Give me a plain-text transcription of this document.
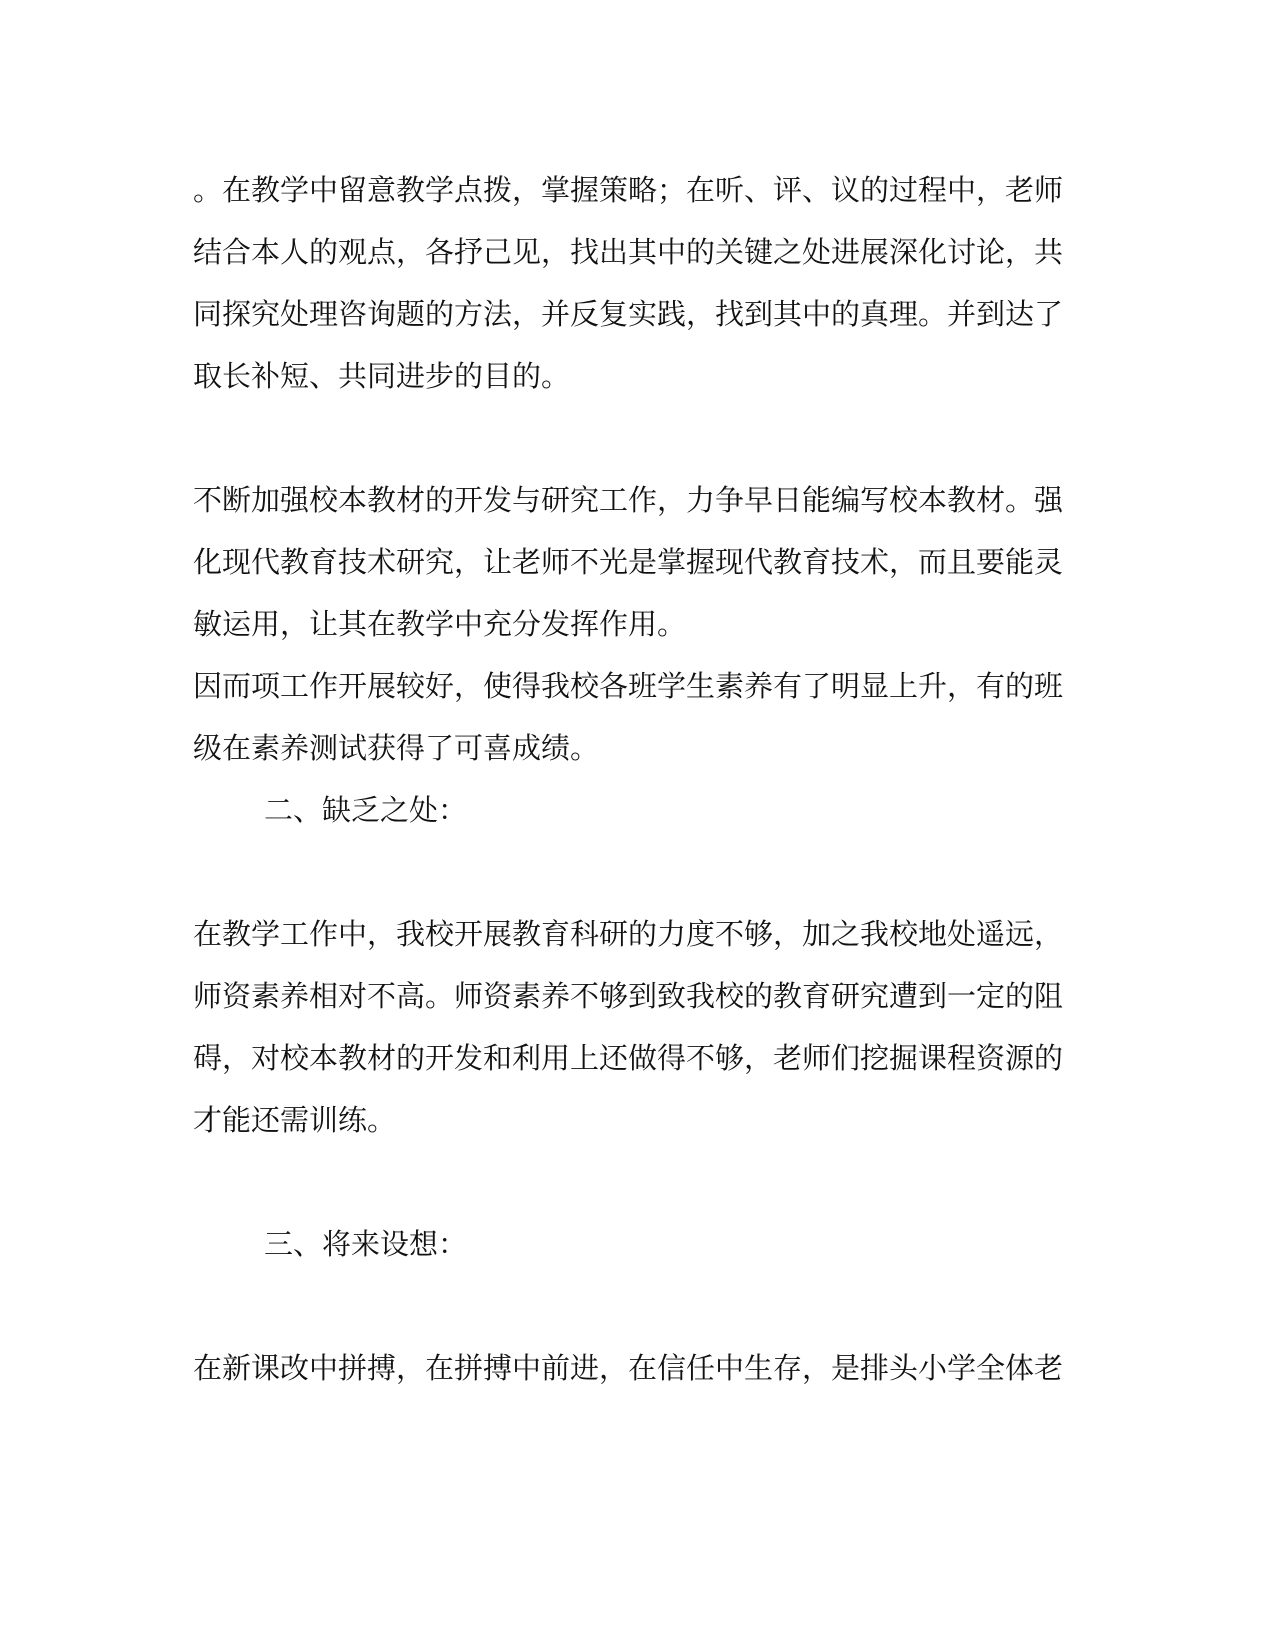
。在教学中留意教学点拨，掌握策略；在听、评、议的过程中，老师
结合本人的观点，各抒己见，找出其中的关键之处进展深化讨论，共
同探究处理咨询题的方法，并反复实践，找到其中的真理。并到达了
取长补短、共同进步的目的。
不断加强校本教材的开发与研究工作，力争早日能编写校本教材。强
化现代教育技术研究，让老师不光是掌握现代教育技术，而且要能灵
敏运用，让其在教学中充分发挥作用。
因而项工作开展较好，使得我校各班学生素养有了明显上升，有的班
级在素养测试获得了可喜成绩。
二、缺乏之处：
在教学工作中，我校开展教育科研的力度不够，加之我校地处遥远，
师资素养相对不高。师资素养不够到致我校的教育研究遭到一定的阻
碍，对校本教材的开发和利用上还做得不够，老师们挖掘课程资源的
才能还需训练。
三、将来设想：
在新课改中拼搏，在拼搏中前进，在信任中生存，是排头小学全体老
